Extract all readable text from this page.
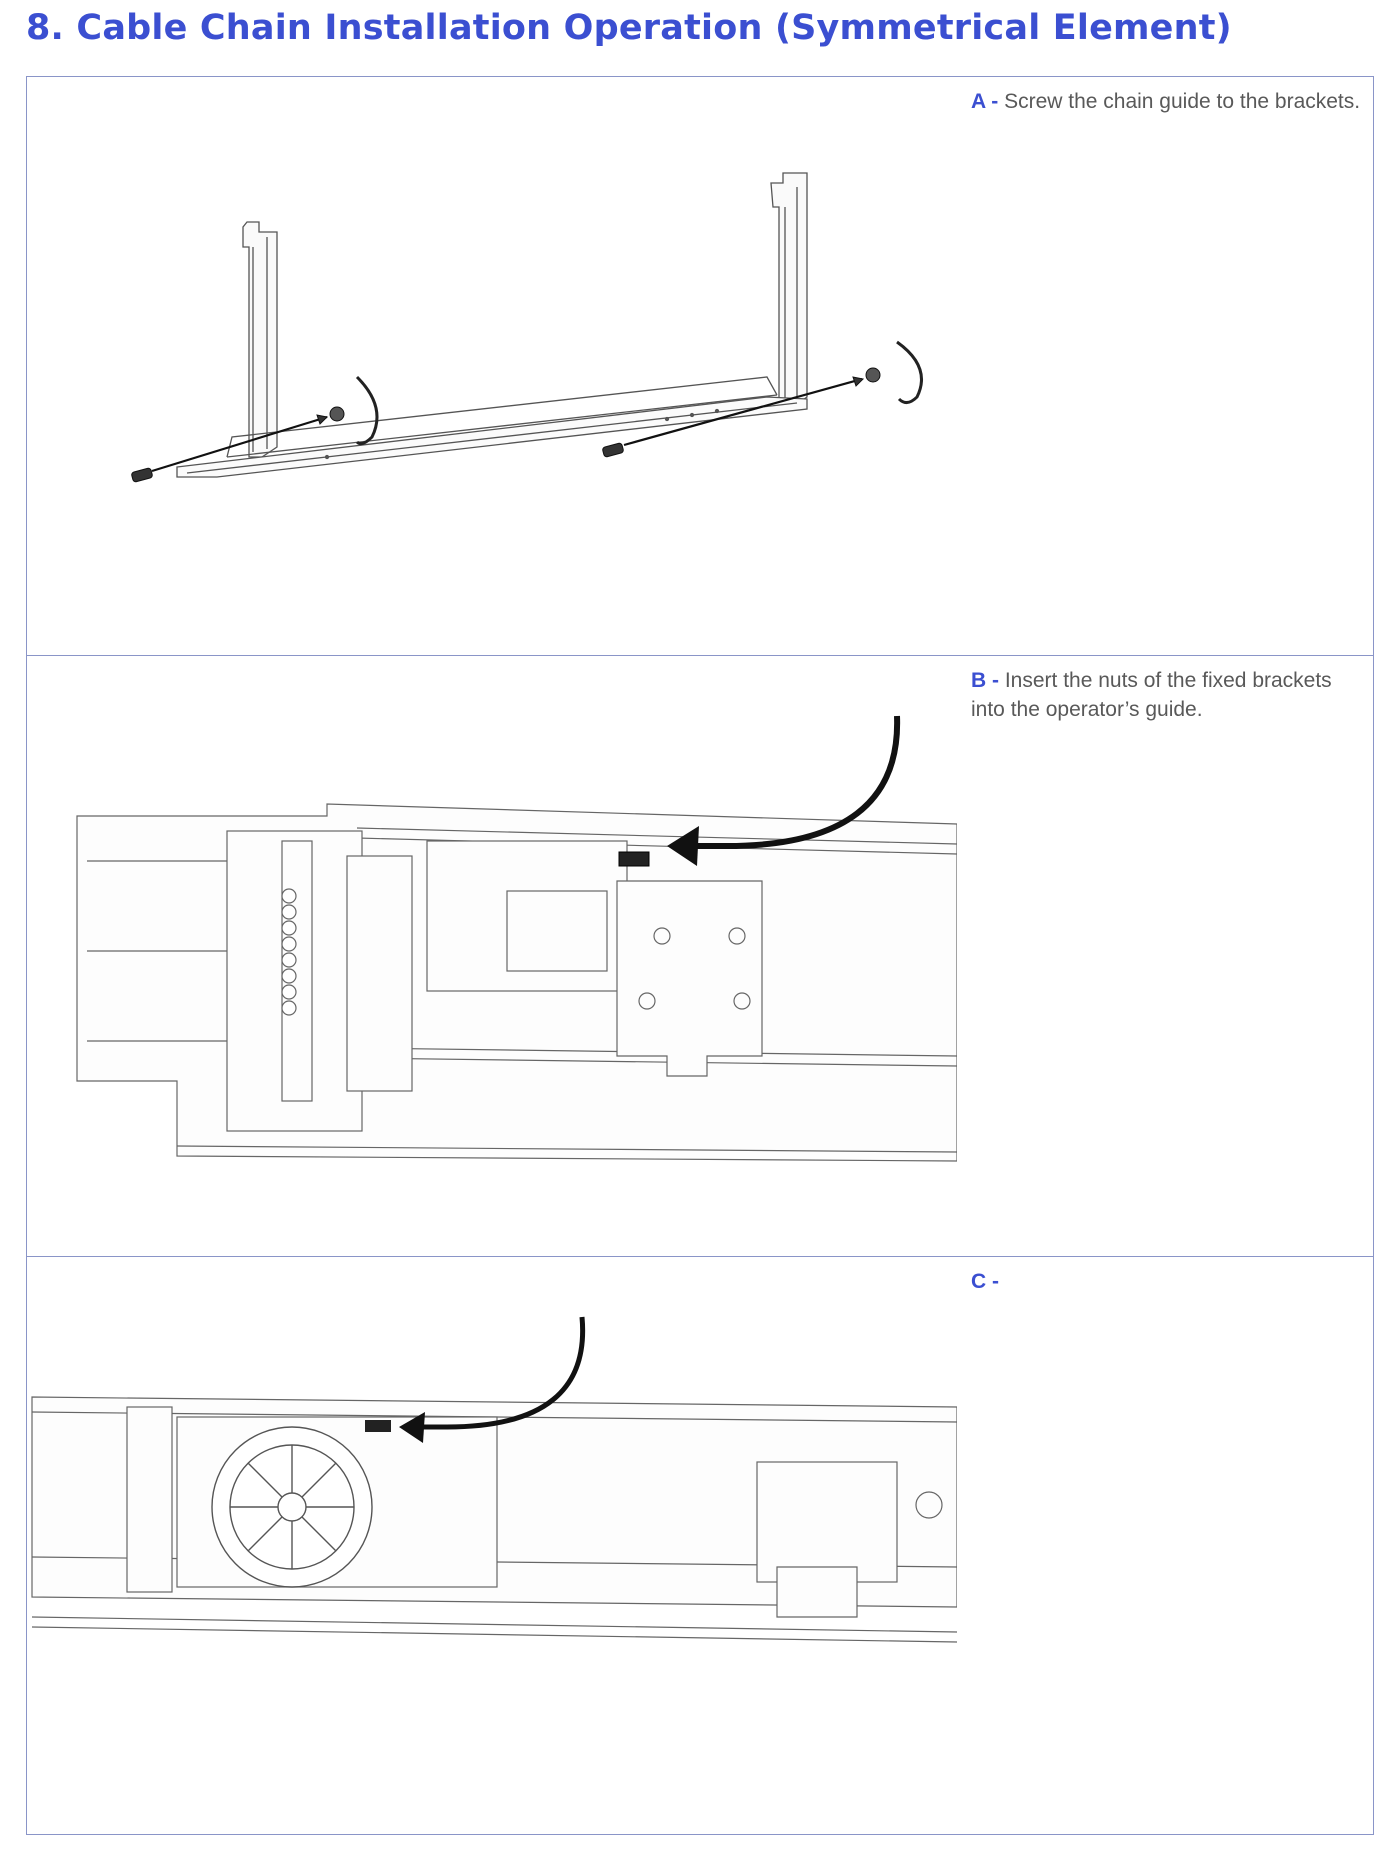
8. Cable Chain Installation Operation (Symmetrical Element)
A - Screw the chain guide to the brackets.
B - Insert the nuts of the fixed brackets into the operator’s guide.
C -
